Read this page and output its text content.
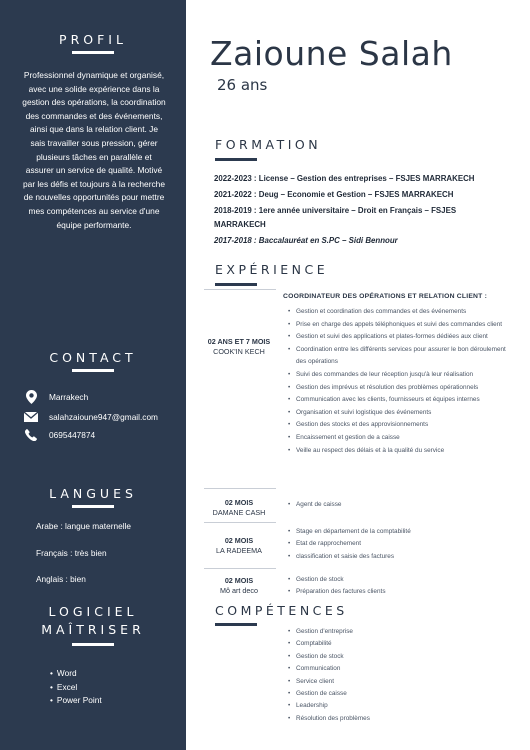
PROFIL
Professionnel dynamique et organisé, avec une solide expérience dans la gestion des opérations, la coordination des commandes et des événements, ainsi que dans la relation client. Je sais travailler sous pression, gérer plusieurs tâches en parallèle et assurer un service de qualité. Motivé par les défis et toujours à la recherche de nouvelles opportunités pour mettre mes compétences au service d'une équipe performante.
CONTACT
Marrakech
salahzaioune947@gmail.com
0695447874
LANGUES
Arabe : langue maternelle
Français : très bien
Anglais : bien
LOGICIEL
MAÎTRISER
• Word
• Excel
• Power Point
Zaioune Salah
26 ans
FORMATION
2022-2023 : License – Gestion des entreprises – FSJES MARRAKECH
2021-2022 : Deug – Economie et Gestion – FSJES MARRAKECH
2018-2019 : 1ere année universitaire – Droit en Français – FSJES MARRAKECH
2017-2018 : Baccalauréat en S.PC – Sidi Bennour
EXPÉRIENCE
02 ANS ET 7 MOIS
COOK'IN KECH
COORDINATEUR DES OPÉRATIONS ET RELATION CLIENT :
• Gestion et coordination des commandes et des événements
• Prise en charge des appels téléphoniques et suivi des commandes client
• Gestion et suivi des applications et plates-formes dédiées aux client
• Coordination entre les différents services pour assurer le bon déroulement des opérations
• Suivi des commandes de leur réception jusqu'à leur réalisation
• Gestion des imprévus et résolution des problèmes opérationnels
• Communication avec les clients, fournisseurs et équipes internes
• Organisation et suivi logistique des événements
• Gestion des stocks et des approvisionnements
• Encaissement et gestion de a caisse
• Veille au respect des délais et à la qualité du service
02 MOIS
DAMANE CASH
• Agent de caisse
02 MOIS
LA RADEEMA
• Stage en département de la comptabilité
• Etat de rapprochement
• classification et saisie des factures
02 MOIS
Mô art deco
• Gestion de stock
• Préparation des factures clients
COMPÉTENCES
• Gestion d'entreprise
• Comptabilité
• Gestion de stock
• Communication
• Service client
• Gestion de caisse
• Leadership
• Résolution des problèmes
